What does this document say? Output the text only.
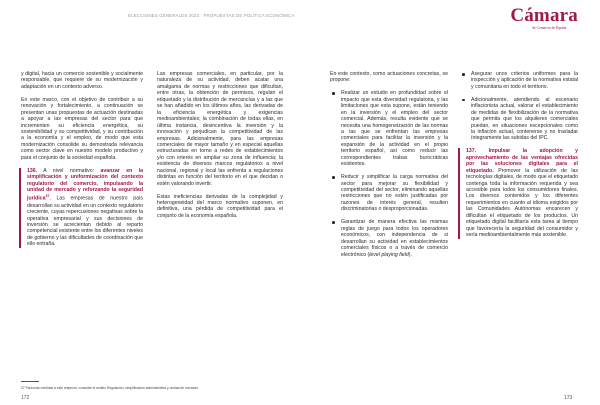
ELECCIONES GENERALES 2023 · PROPUESTAS DE POLÍTICA ECONÓMICA

y digital, hacia un comercio sostenible y socialmente responsable, que requiere de su modernización y adaptación en un contexto adverso.

En este marco, con el objetivo de contribuir a su renovación y fortalecimiento, a continuación se presentan unas propuestas de actuación destinadas a apoyar a las empresas del sector para que incrementen su eficiencia energética, su sostenibilidad y su competitividad, y su contribución a la economía y el empleo, de modo que esta modernización consolide su demostrada relevancia como sector clave en nuestro modelo productivo y para el conjunto de la sociedad española.

136. A nivel normativo: avanzar en la simplificación y uniformización del contexto regulatorio del comercio, impulsando la unidad de mercado y reforzando la seguridad jurídica$^{37}$. Las empresas de nuestro país desarrollan su actividad en un contexto regulatorio creciente, cuyas repercusiones negativas sobre la operativa empresarial y sus decisiones de inversión se acrecientan debido al reparto competencial existente entre los diferentes niveles de gobierno y las dificultades de coordinación que ello entraña.

Las empresas comerciales, en particular, por la naturaleza de su actividad, deben acatar una amalgama de normas y restricciones que dificultan, entre otras, la obtención de permisos, regulan el etiquetado y la distribución de mercancías y a las que se han añadido en los últimos años, las derivadas de la eficiencia energética y exigencias medioambientales; la combinación de todas ellas, en última instancia, desincentiva la inversión y la innovación y perjudican la competitividad de las empresas. Adicionalmente, para las empresas comerciales de mayor tamaño y en especial aquellas estructuradas en torno a redes de establecimientos y/o con interés en ampliar su zona de influencia; la existencia de diversos marcos regulatorios a nivel nacional, regional y local las enfrenta a regulaciones distintas en función del territorio en el que decidan o estén valorando invertir.

Estas ineficiencias derivadas de la complejidad y heterogeneidad del marco normativo suponen, en definitiva, una pérdida de competitividad para el conjunto de la economía española.

37 Para más medidas a este respecto, consultar el ámbito Regulación, simplificación administrativa y unidad de mercado.
172
Cámara
de Comercio de España

En este contexto, como actuaciones concretas, se propone:

Realizar un estudio en profundidad sobre el impacto que esta diversidad regulatoria, y las limitaciones que esta supone, están teniendo en la inversión y el empleo del sector comercial. Además, resulta evidente que se necesita una homogeneización de las normas a las que se enfrentan las empresas comerciales para facilitar la inversión y la expansión de la actividad en el propio territorio español, así como reducir las correspondientes trabas burocráticas existentes.
Reducir y simplificar la carga normativa del sector para mejorar su flexibilidad y competitividad del sector, eliminando aquellas restricciones que no estén justificadas por razones de interés general, resulten discriminatorias o desproporcionadas.
Garantizar de manera efectiva las mismas reglas de juego para todos los operadores económicos, con independencia de si desarrollan su actividad en establecimientos comerciales físicos o a través de comercio electrónico (level playing field).
Asegurar unos criterios uniformes para la inspección y aplicación de la normativa estatal y comunitaria en todo el territorio.
Adicionalmente, atendiendo al escenario inflacionista actual, valorar el establecimiento de medidas de flexibilización de la normativa que permita que los alquileres comerciales puedan, en situaciones excepcionales como la inflación actual, contenerse y no trasladar íntegramente las subidas del IPC.

137. Impulsar la adopción y aprovechamiento de las ventajas ofrecidas por las soluciones digitales para el etiquetado. Promover la utilización de las tecnologías digitales, de modo que el etiquetado contenga toda la información requerida y sea accesible para todos los consumidores finales. Los diversos contenidos y los diferentes requerimientos en cuanto al idioma exigidos por las Comunidades Autónomas encarecen y dificultan el etiquetado de los productos. Un etiquetado digital facilitaría esta tarea al tiempo que favorecería la seguridad del consumidor y sería medioambientalmente más sostenible.

173
